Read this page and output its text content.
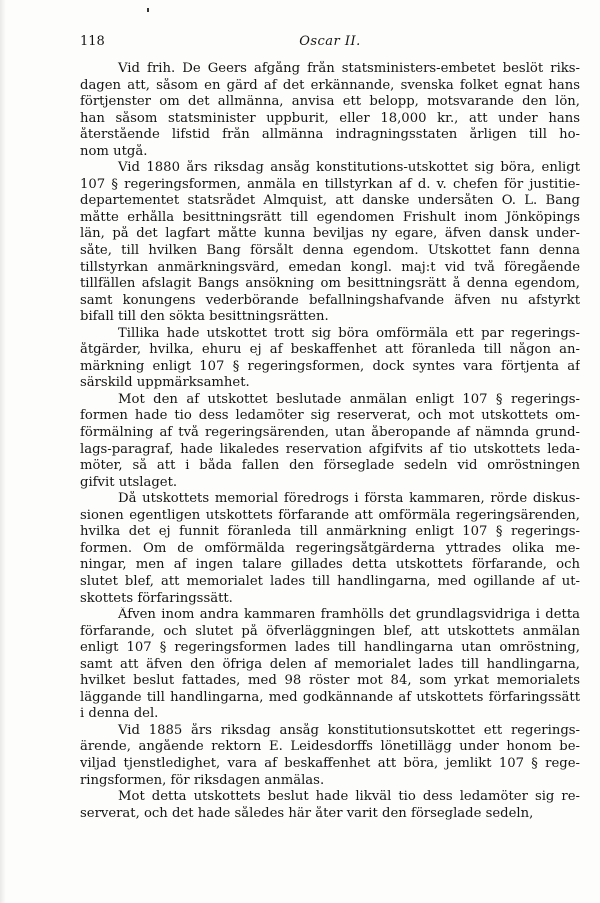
118	Oscar II.
Vid frih. De Geers afgång från statsministers-embetet beslöt riks-
dagen att, såsom en gärd af det erkännande, svenska folket egnat hans
förtjenster om det allmänna, anvisa ett belopp, motsvarande den lön,
han såsom statsminister uppburit, eller 18,000 kr., att under hans
återstående lifstid från allmänna indragningsstaten årligen till ho-
nom utgå.
Vid 1880 års riksdag ansåg konstitutions-utskottet sig böra, enligt
107 § regeringsformen, anmäla en tillstyrkan af d. v. chefen för justitie-
departementet statsrådet Almquist, att danske undersåten O. L. Bang
måtte erhålla besittningsrätt till egendomen Frishult inom Jönköpings
län, på det lagfart måtte kunna beviljas ny egare, äfven dansk under-
såte, till hvilken Bang försålt denna egendom. Utskottet fann denna
tillstyrkan anmärkningsvärd, emedan kongl. maj:t vid två föregående
tillfällen afslagit Bangs ansökning om besittningsrätt å denna egendom,
samt konungens vederbörande befallningshafvande äfven nu afstyrkt
bifall till den sökta besittningsrätten.
Tillika hade utskottet trott sig böra omförmäla ett par regerings-
åtgärder, hvilka, ehuru ej af beskaffenhet att föranleda till någon an-
märkning enligt 107 § regeringsformen, dock syntes vara förtjenta af
särskild uppmärksamhet.
Mot den af utskottet beslutade anmälan enligt 107 § regerings-
formen hade tio dess ledamöter sig reserverat, och mot utskottets om-
förmälning af två regeringsärenden, utan åberopande af nämnda grund-
lags-paragraf, hade likaledes reservation afgifvits af tio utskottets leda-
möter, så att i båda fallen den förseglade sedeln vid omröstningen
gifvit utslaget.
Då utskottets memorial föredrogs i första kammaren, rörde diskus-
sionen egentligen utskottets förfarande att omförmäla regeringsärenden,
hvilka det ej funnit föranleda till anmärkning enligt 107 § regerings-
formen. Om de omförmälda regeringsåtgärderna yttrades olika me-
ningar, men af ingen talare gillades detta utskottets förfarande, och
slutet blef, att memorialet lades till handlingarna, med ogillande af ut-
skottets förfaringssätt.
Äfven inom andra kammaren framhölls det grundlagsvidriga i detta
förfarande, och slutet på öfverläggningen blef, att utskottets anmälan
enligt 107 § regeringsformen lades till handlingarna utan omröstning,
samt att äfven den öfriga delen af memorialet lades till handlingarna,
hvilket beslut fattades, med 98 röster mot 84, som yrkat memorialets
läggande till handlingarna, med godkännande af utskottets förfaringssätt
i denna del.
Vid 1885 års riksdag ansåg konstitutionsutskottet ett regerings-
ärende, angående rektorn E. Leidesdorffs lönetillägg under honom be-
viljad tjenstledighet, vara af beskaffenhet att böra, jemlikt 107 § rege-
ringsformen, för riksdagen anmälas.
Mot detta utskottets beslut hade likväl tio dess ledamöter sig re-
serverat, och det hade således här åter varit den förseglade sedeln,
